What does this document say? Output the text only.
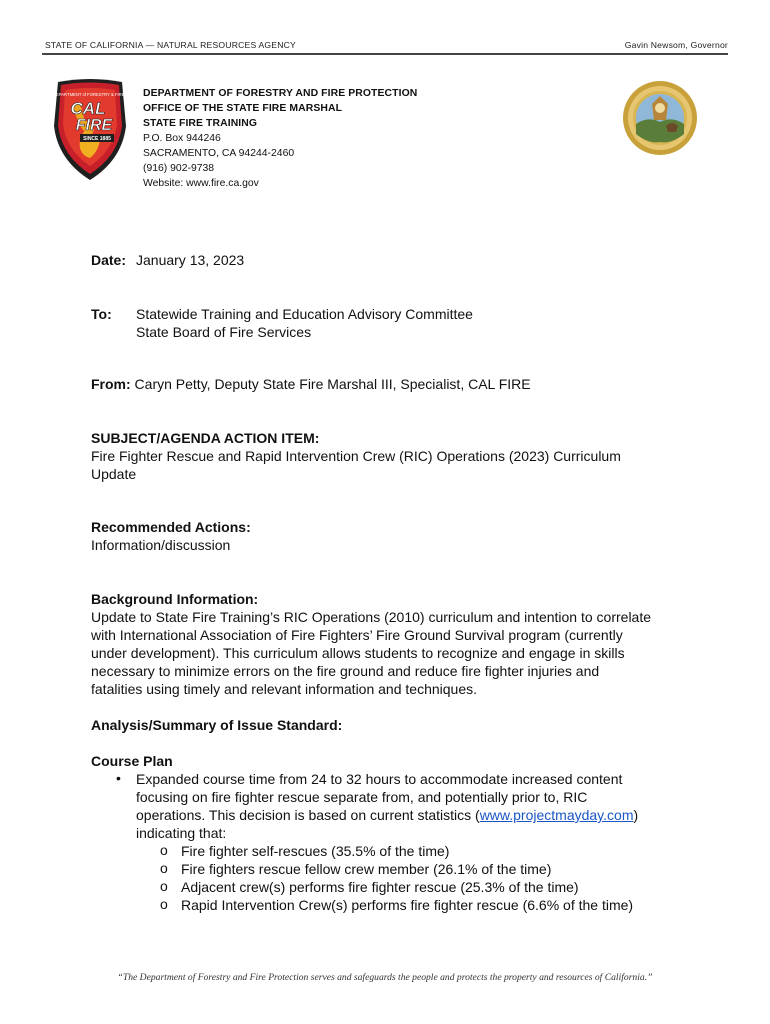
STATE OF CALIFORNIA — NATURAL RESOURCES AGENCY	Gavin Newsom, Governor
CALIFORNIA DEPARTMENT of FORESTRY & FIRE PROTECTION
CAL
FIRE
SINCE 1885
DEPARTMENT OF FORESTRY AND FIRE PROTECTION
OFFICE OF THE STATE FIRE MARSHAL
STATE FIRE TRAINING
P.O. Box 944246
SACRAMENTO, CA 94244-2460
(916) 902-9738
Website: www.fire.ca.gov
Date: January 13, 2023
To: Statewide Training and Education Advisory Committee
State Board of Fire Services
From: Caryn Petty, Deputy State Fire Marshal III, Specialist, CAL FIRE
SUBJECT/AGENDA ACTION ITEM:
Fire Fighter Rescue and Rapid Intervention Crew (RIC) Operations (2023) Curriculum
Update
Recommended Actions:
Information/discussion
Background Information:
Update to State Fire Training’s RIC Operations (2010) curriculum and intention to correlate
with International Association of Fire Fighters’ Fire Ground Survival program (currently
under development). This curriculum allows students to recognize and engage in skills
necessary to minimize errors on the fire ground and reduce fire fighter injuries and
fatalities using timely and relevant information and techniques.
Analysis/Summary of Issue Standard:
Course Plan
• Expanded course time from 24 to 32 hours to accommodate increased content
focusing on fire fighter rescue separate from, and potentially prior to, RIC
operations. This decision is based on current statistics (www.projectmayday.com)
indicating that:
o Fire fighter self-rescues (35.5% of the time)
o Fire fighters rescue fellow crew member (26.1% of the time)
o Adjacent crew(s) performs fire fighter rescue (25.3% of the time)
o Rapid Intervention Crew(s) performs fire fighter rescue (6.6% of the time)
“The Department of Forestry and Fire Protection serves and safeguards the people and protects the property and resources of California.”
